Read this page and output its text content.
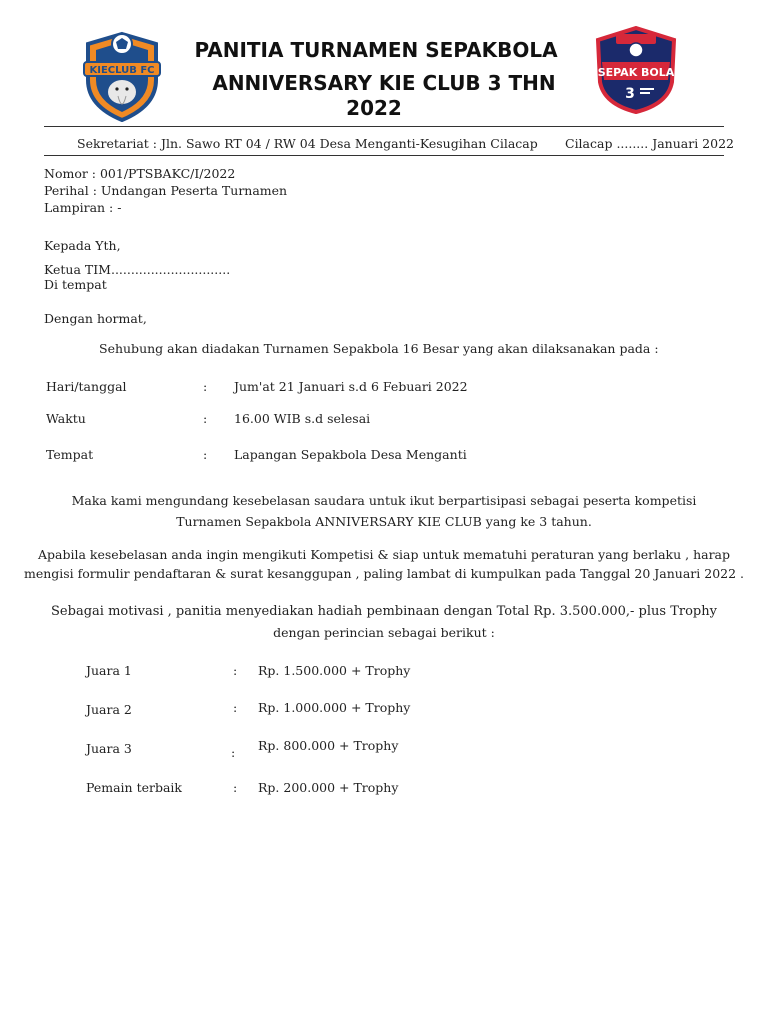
KIECLUB FC
PANITIA TURNAMEN SEPAKBOLA
ANNIVERSARY KIE CLUB 3 THN
2022
SEPAK BOLA
3
Sekretariat : Jln. Sawo RT 04 / RW 04 Desa Menganti-Kesugihan Cilacap Cilacap ........ Januari 2022
Nomor : 001/PTSBAKC/I/2022
Perihal : Undangan Peserta Turnamen
Lampiran : -
Kepada Yth,
Ketua TIM..............................
Di tempat
Dengan hormat,
Sehubung akan diadakan Turnamen Sepakbola 16 Besar yang akan dilaksanakan pada :
Hari/tanggal	: Jum'at 21 Januari s.d 6 Febuari 2022
Waktu	: 16.00 WIB s.d selesai
Tempat	: Lapangan Sepakbola Desa Menganti
Maka kami mengundang kesebelasan saudara untuk ikut berpartisipasi sebagai peserta kompetisi
Turnamen Sepakbola ANNIVERSARY KIE CLUB yang ke 3 tahun.
Apabila kesebelasan anda ingin mengikuti Kompetisi & siap untuk mematuhi peraturan yang berlaku , harap
mengisi formulir pendaftaran & surat kesanggupan , paling lambat di kumpulkan pada Tanggal 20 Januari 2022 .
Sebagai motivasi , panitia menyediakan hadiah pembinaan dengan Total Rp. 3.500.000,- plus Trophy
dengan perincian sebagai berikut :
Juara 1	: Rp. 1.500.000 + Trophy
Juara 2	: Rp. 1.000.000 + Trophy
Juara 3	: Rp. 800.000 + Trophy
Pemain terbaik	: Rp. 200.000 + Trophy
